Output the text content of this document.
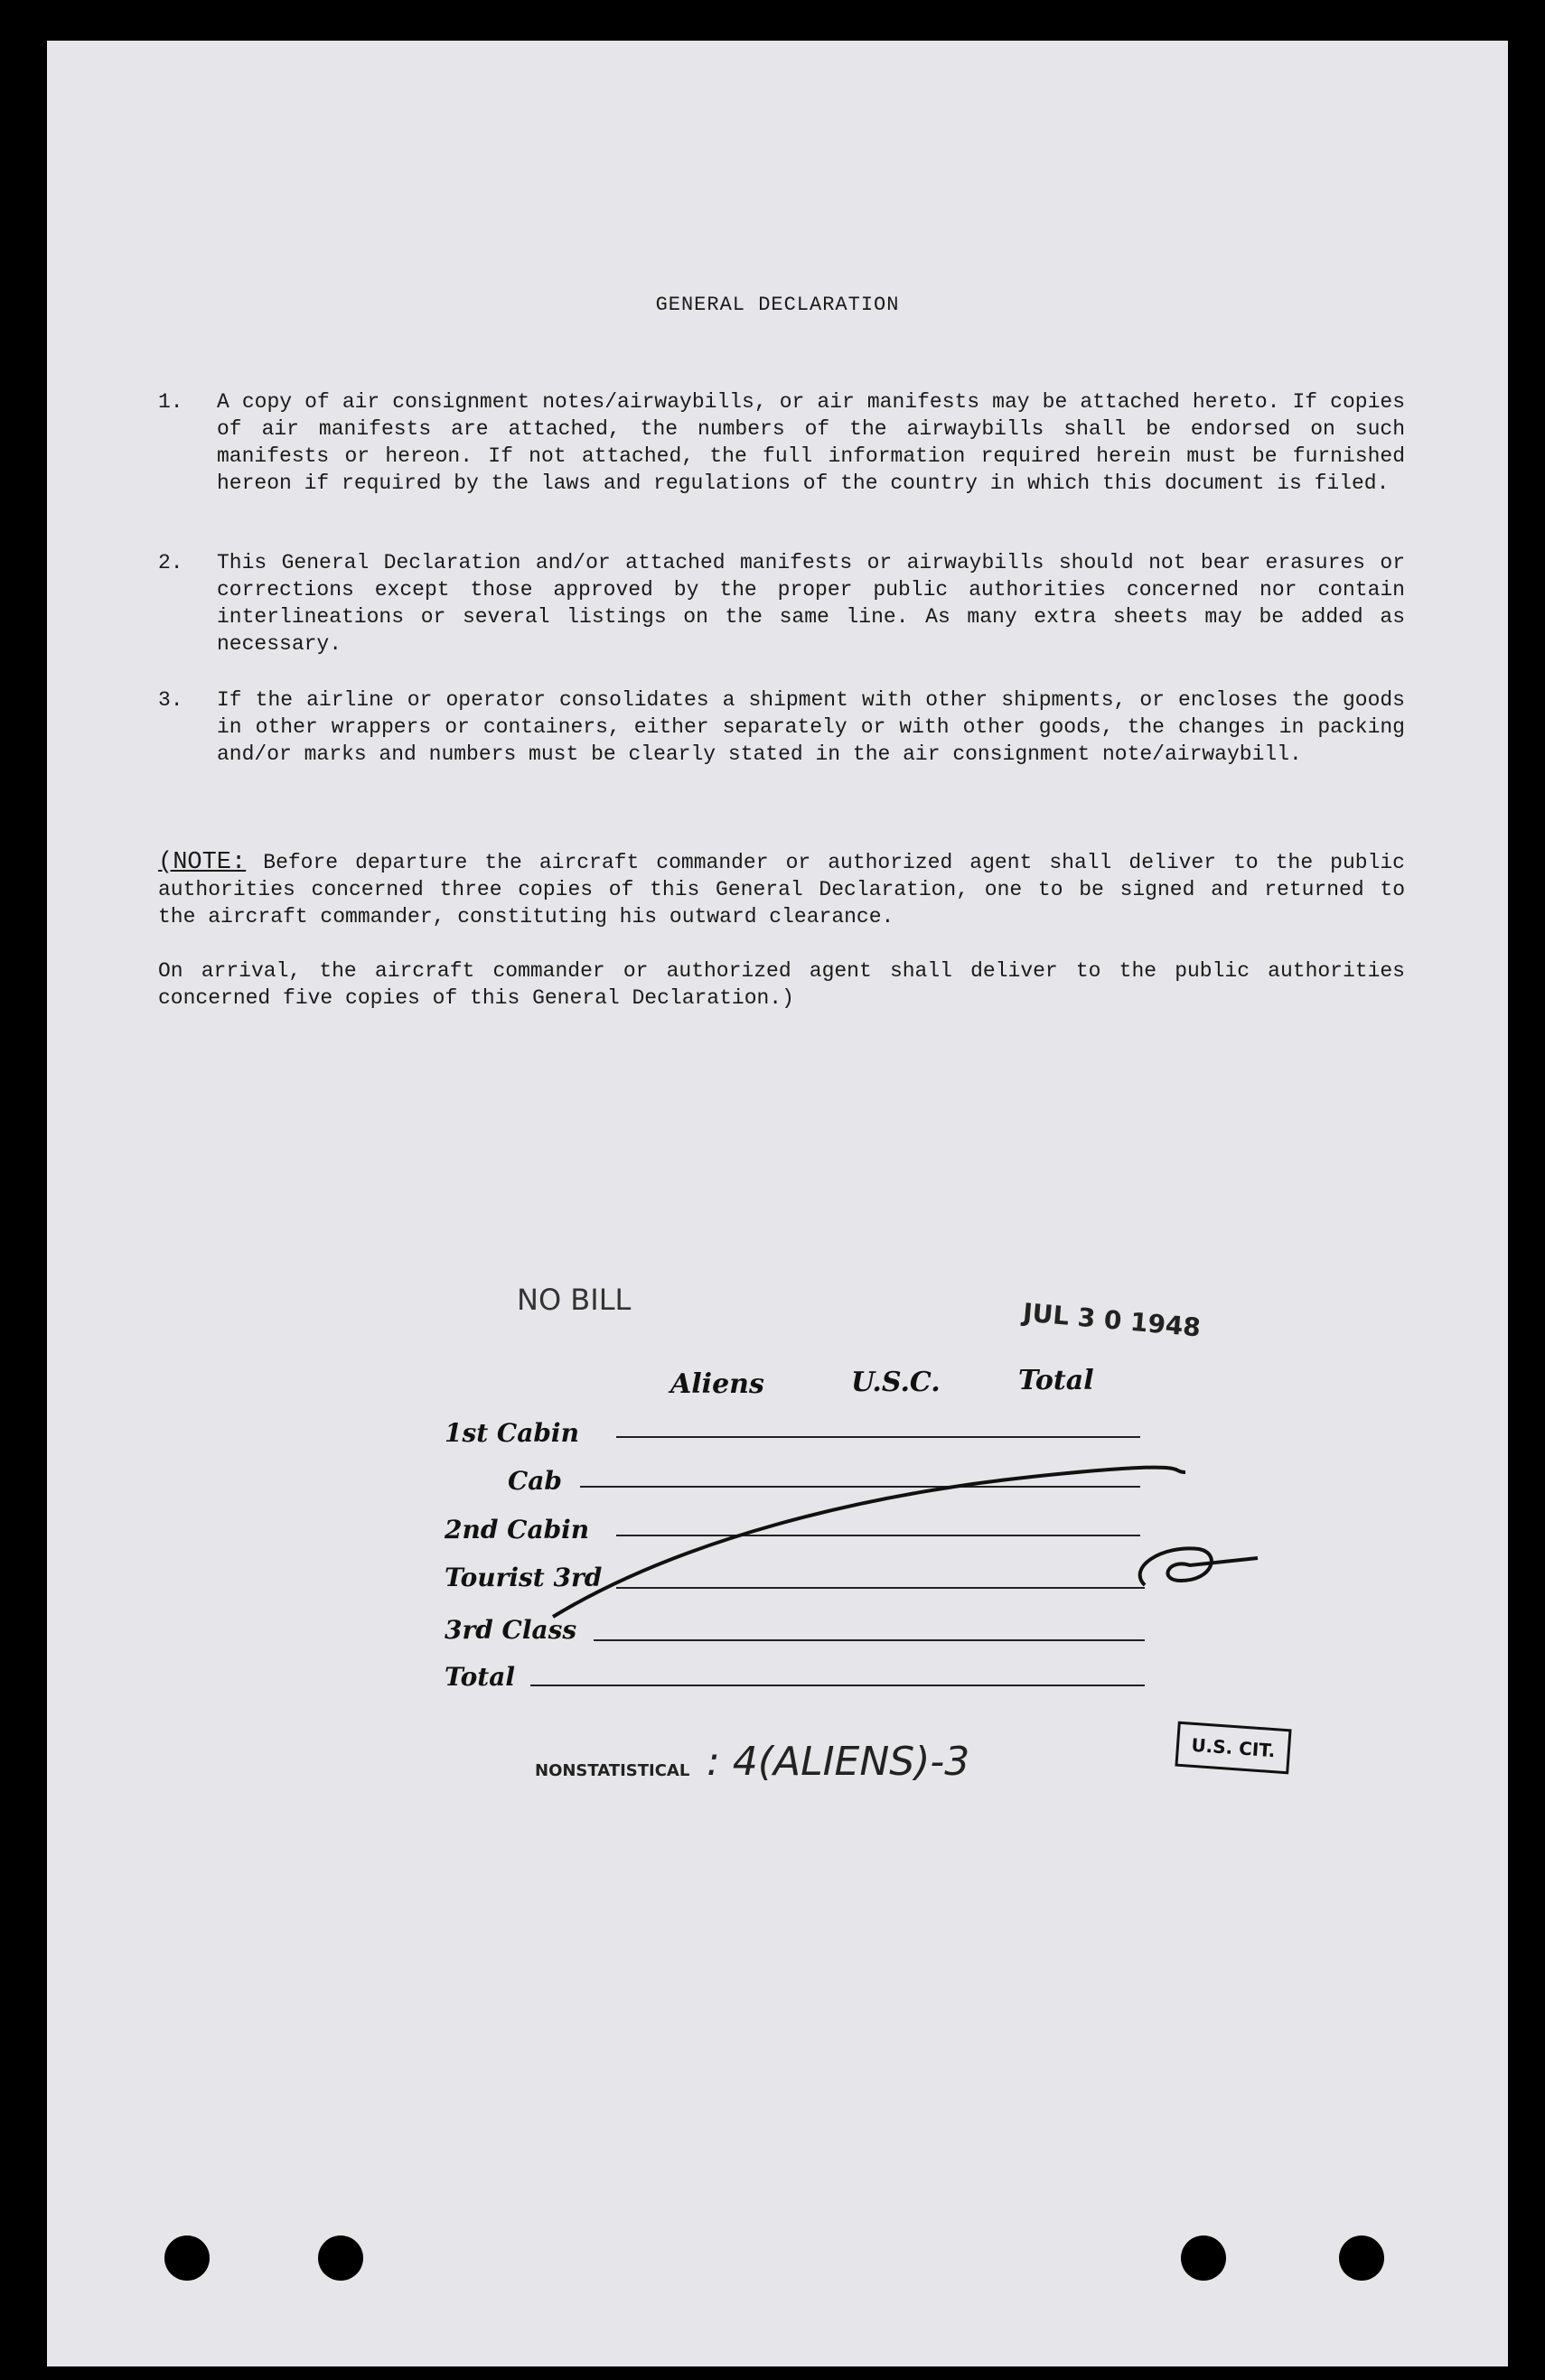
GENERAL DECLARATION
1.	A copy of air consignment notes/airwaybills, or air manifests may be attached hereto. If copies of air manifests are attached, the numbers of the airwaybills shall be endorsed on such manifests or hereon. If not attached, the full information required herein must be furnished hereon if required by the laws and regulations of the country in which this document is filed.
2.	This General Declaration and/or attached manifests or airwaybills should not bear erasures or corrections except those approved by the proper public authorities concerned nor contain interlineations or several listings on the same line. As many extra sheets may be added as necessary.
3.	If the airline or operator consolidates a shipment with other shipments, or encloses the goods in other wrappers or containers, either separately or with other goods, the changes in packing and/or marks and numbers must be clearly stated in the air consignment note/airwaybill.
(NOTE: Before departure the aircraft commander or authorized agent shall deliver to the public authorities concerned three copies of this General Declaration, one to be signed and returned to the aircraft commander, constituting his outward clearance.
On arrival, the aircraft commander or authorized agent shall deliver to the public authorities concerned five copies of this General Declaration.)
NO BILL	JUL 3 0 1948
Aliens	U.S.C.	Total
1st Cabin
Cab
2nd Cabin
Tourist 3rd
3rd Class
Total
NONSTATISTICAL : 4(ALIENS)-3	U.S. CIT.
